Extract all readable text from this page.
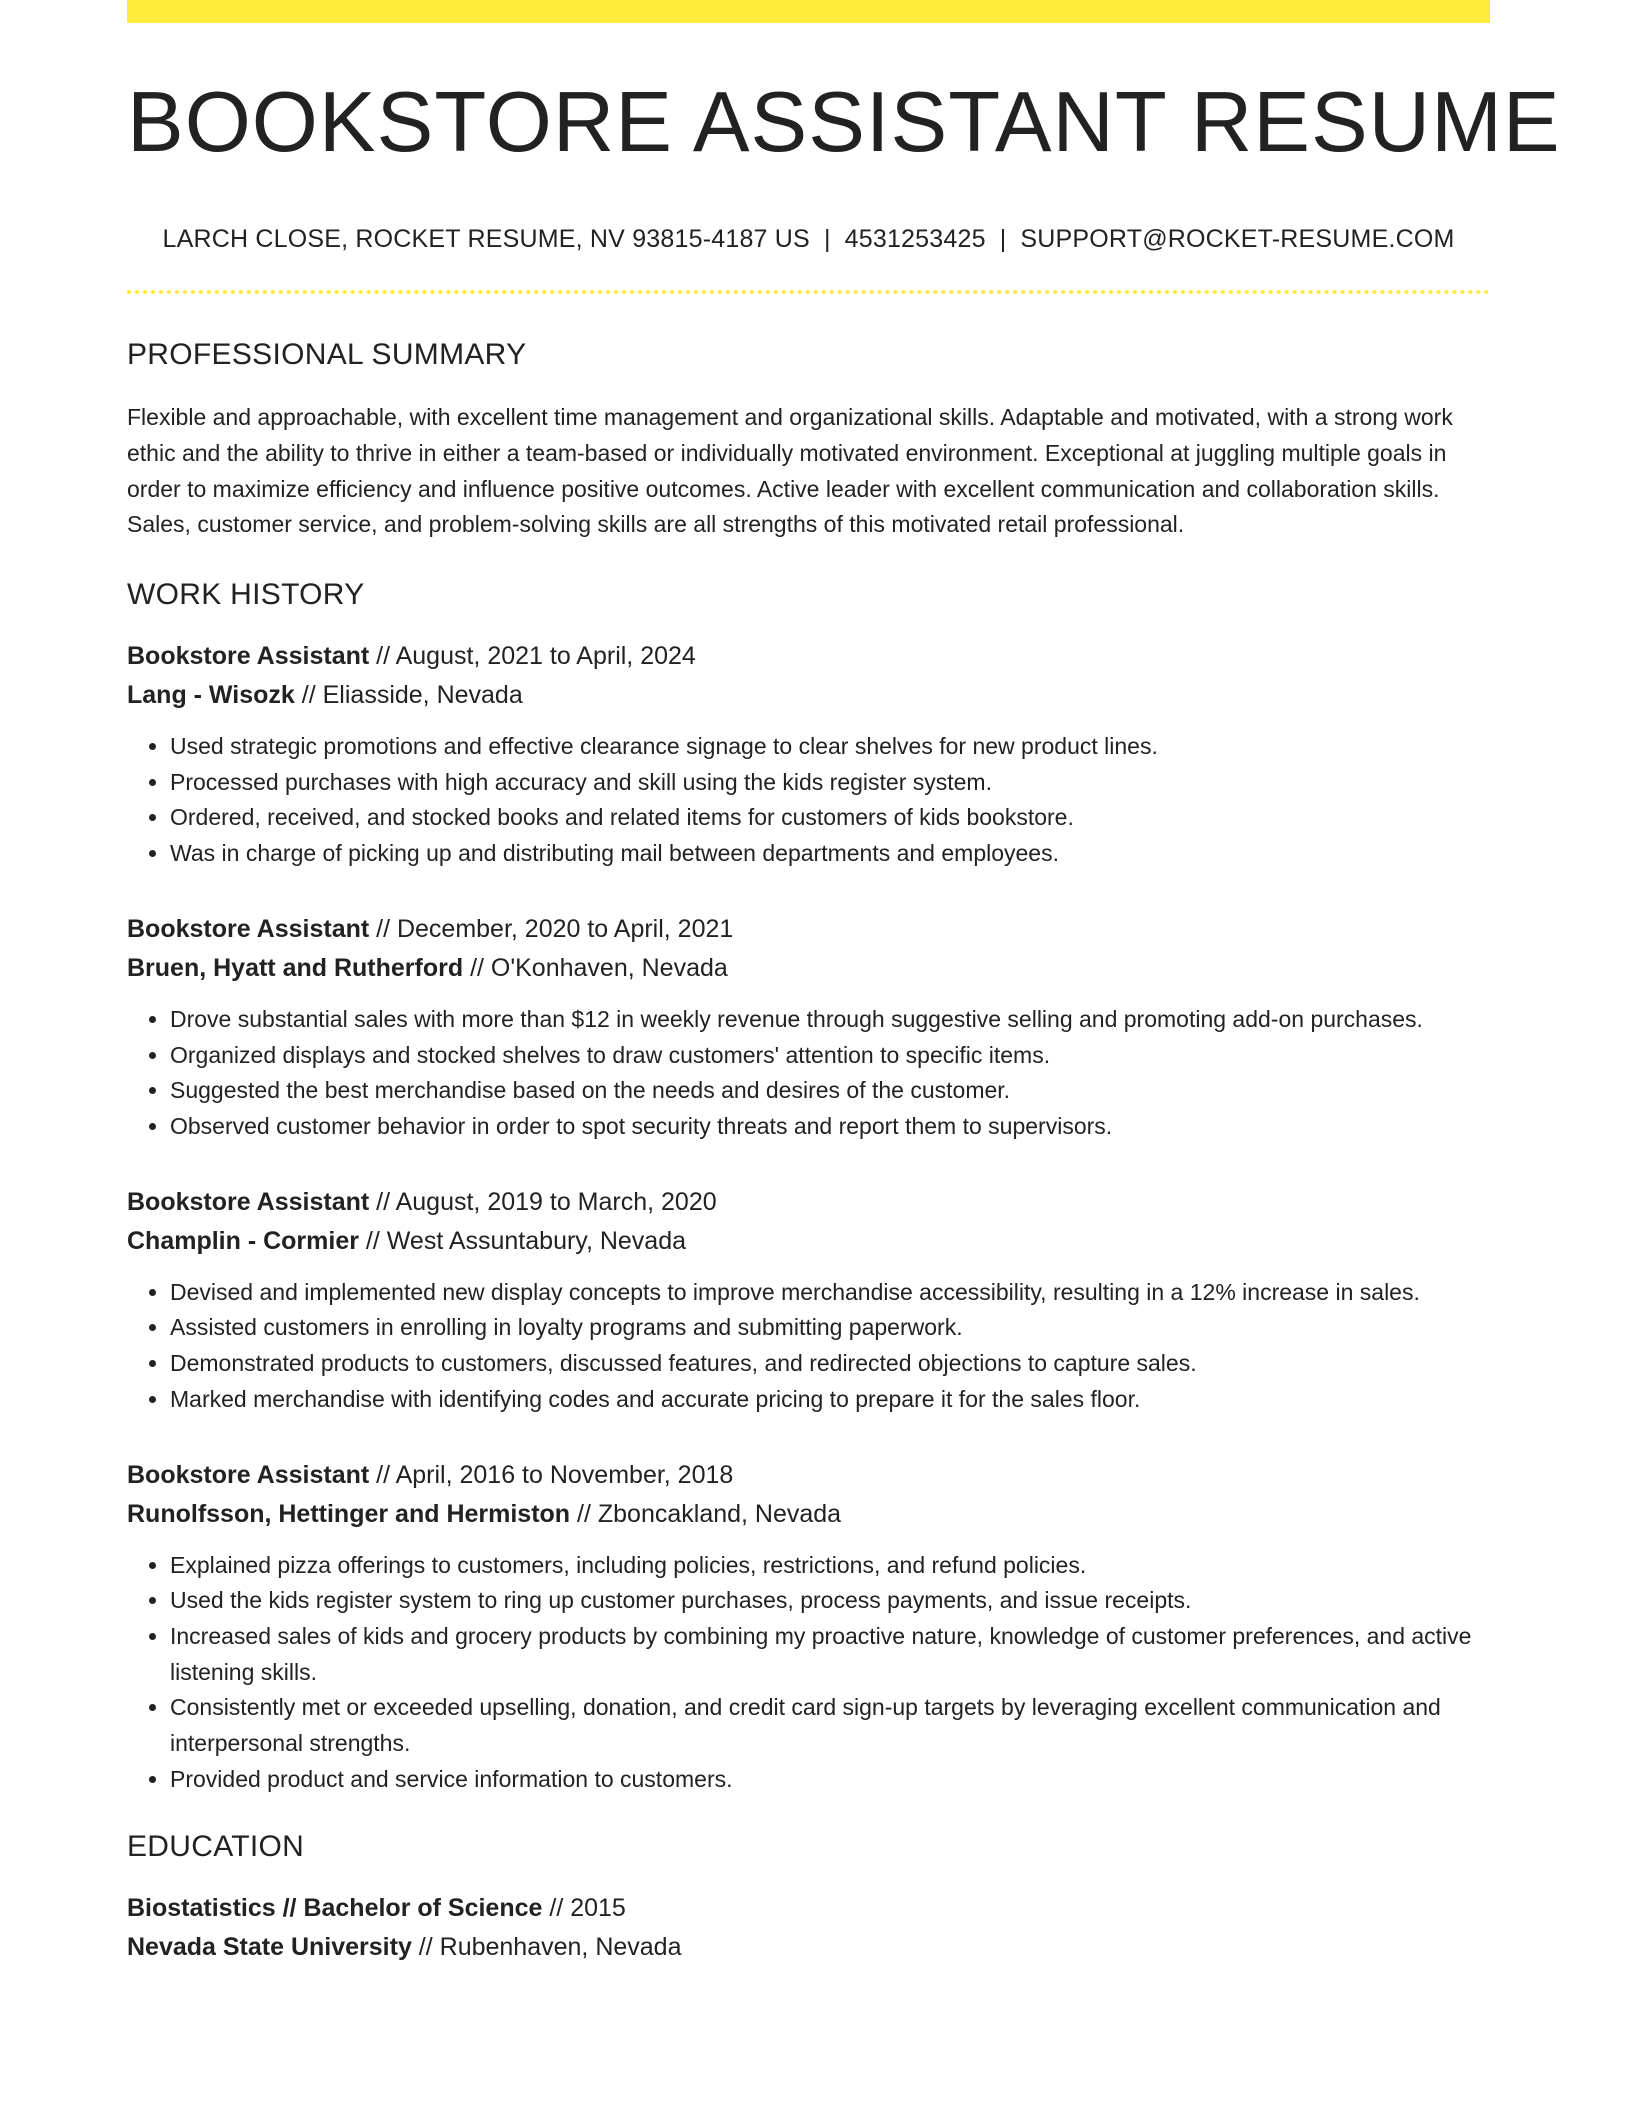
BOOKSTORE ASSISTANT RESUME
LARCH CLOSE, ROCKET RESUME, NV 93815-4187 US | 4531253425 | SUPPORT@ROCKET-RESUME.COM
PROFESSIONAL SUMMARY

Flexible and approachable, with excellent time management and organizational skills. Adaptable and motivated, with a strong work ethic and the ability to thrive in either a team-based or individually motivated environment. Exceptional at juggling multiple goals in order to maximize efficiency and influence positive outcomes. Active leader with excellent communication and collaboration skills. Sales, customer service, and problem-solving skills are all strengths of this motivated retail professional.

WORK HISTORY
Bookstore Assistant // August, 2021 to April, 2024
Lang - Wisozk // Eliasside, Nevada
• Used strategic promotions and effective clearance signage to clear shelves for new product lines.
• Processed purchases with high accuracy and skill using the kids register system.
• Ordered, received, and stocked books and related items for customers of kids bookstore.
• Was in charge of picking up and distributing mail between departments and employees.
Bookstore Assistant // December, 2020 to April, 2021
Bruen, Hyatt and Rutherford // O'Konhaven, Nevada
• Drove substantial sales with more than $12 in weekly revenue through suggestive selling and promoting add-on purchases.
• Organized displays and stocked shelves to draw customers' attention to specific items.
• Suggested the best merchandise based on the needs and desires of the customer.
• Observed customer behavior in order to spot security threats and report them to supervisors.
Bookstore Assistant // August, 2019 to March, 2020
Champlin - Cormier // West Assuntabury, Nevada
• Devised and implemented new display concepts to improve merchandise accessibility, resulting in a 12% increase in sales.
• Assisted customers in enrolling in loyalty programs and submitting paperwork.
• Demonstrated products to customers, discussed features, and redirected objections to capture sales.
• Marked merchandise with identifying codes and accurate pricing to prepare it for the sales floor.
Bookstore Assistant // April, 2016 to November, 2018
Runolfsson, Hettinger and Hermiston // Zboncakland, Nevada
• Explained pizza offerings to customers, including policies, restrictions, and refund policies.
• Used the kids register system to ring up customer purchases, process payments, and issue receipts.
• Increased sales of kids and grocery products by combining my proactive nature, knowledge of customer preferences, and active listening skills.
• Consistently met or exceeded upselling, donation, and credit card sign-up targets by leveraging excellent communication and interpersonal strengths.
• Provided product and service information to customers.
EDUCATION
Biostatistics // Bachelor of Science // 2015
Nevada State University // Rubenhaven, Nevada
